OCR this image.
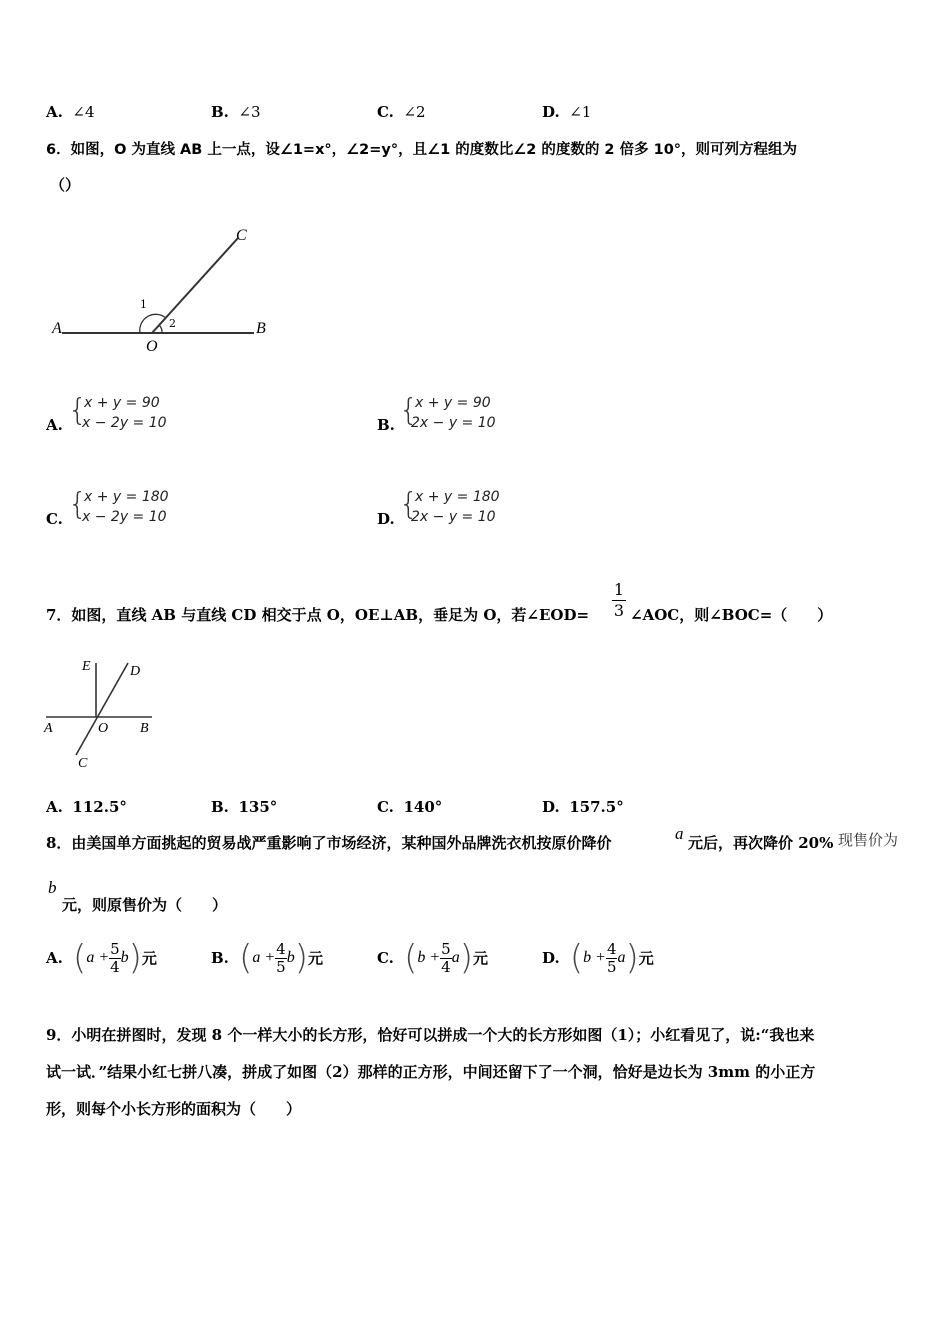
A. ∠4	B. ∠3	C. ∠2	D. ∠1
6．如图，O 为直线 AB 上一点，设∠1=x°，∠2=y°，且∠1 的度数比∠2 的度数的 2 倍多 10°，则可列方程组为
（）
A	B
C
O
1
2
A. {
x + y = 90
x − 2y = 10	B. {
x + y = 90
2x − y = 10
C. {
x + y = 180
x − 2y = 10	D. {
x + y = 180
2x − y = 10
7．如图，直线 AB 与直线 CD 相交于点 O，OE⊥AB，垂足为 O，若∠EOD= $\frac{1}{3}$ ∠AOC，则∠BOC=（　　）
E	D
A	O B
C
A. 112.5°	B. 135°	C. 140°	D. 157.5°
8．由美国单方面挑起的贸易战严重影响了市场经济，某种国外品牌洗衣机按原价降价	a 元后，再次降价 20% 现售价为
b
元，则原售价为（　　）
A. $(a + \frac{5}{4} b)$元	B. $(a + \frac{4}{5} b)$元	C. $(b + \frac{5}{4} a)$元	D. $(b + \frac{4}{5} a)$元
9．小明在拼图时，发现 8 个一样大小的长方形，恰好可以拼成一个大的长方形如图（1）；小红看见了，说:“我也来
试一试．”结果小红七拼八凑，拼成了如图（2）那样的正方形，中间还留下了一个洞，恰好是边长为 3mm 的小正方
形，则每个小长方形的面积为（　　）
